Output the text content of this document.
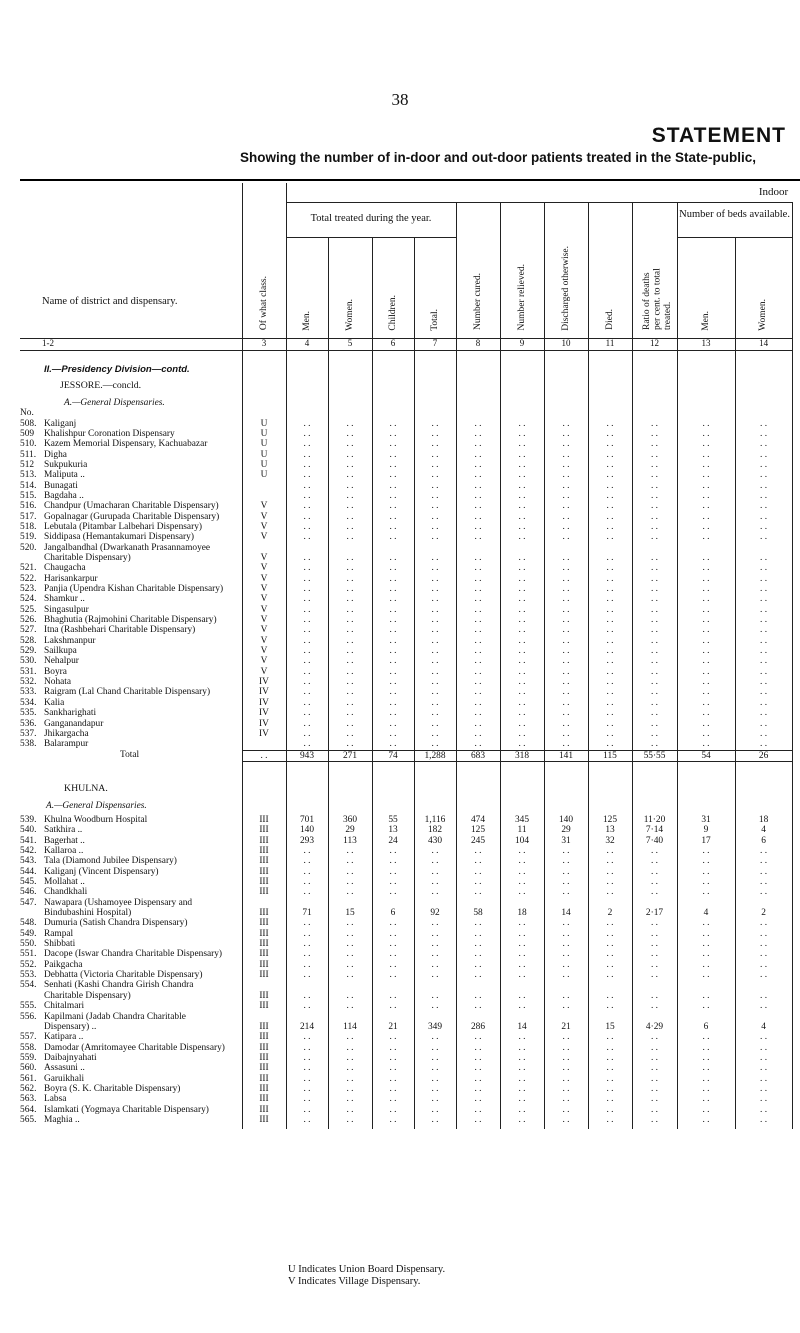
38
STATEMENT
Showing the number of in-door and out-door patients treated in the State-public,
Name of district and dispensary.	Of what class.	Indoor										
		Total treated during the year.				Number cured.	Number relieved.	Discharged otherwise.	Died.	Ratio of deaths per cent. to total treated.	Number of beds available.	
		Men.	Women.	Children.	Total.						Men.	Women.
1-2	3	4	5	6	7	8	9	10	11	12	13	14

II.—Presidency Division—contd.												
JESSORE.—concld.												
A.—General Dispensaries.												
No.												
508. Kaliganj	U	. .	. .	. .	. .	. .	. .	. .	. .	. .	. .	. .
509 Khalishpur Coronation Dispensary	U	. .	. .	. .	. .	. .	. .	. .	. .	. .	. .	. .
510. Kazem Memorial Dispensary, Kachuabazar	U	. .	. .	. .	. .	. .	. .	. .	. .	. .	. .	. .
511. Digha	U	. .	. .	. .	. .	. .	. .	. .	. .	. .	. .	. .
512 Sukpukuria	U	. .	. .	. .	. .	. .	. .	. .	. .	. .	. .	. .
513. Maliputa ..	U	. .	. .	. .	. .	. .	. .	. .	. .	. .	. .	. .
514. Bunagati		. .	. .	. .	. .	. .	. .	. .	. .	. .	. .	. .
515. Bagdaha ..		. .	. .	. .	. .	. .	. .	. .	. .	. .	. .	. .
516. Chandpur (Umacharan Charitable Dispensary)	V	. .	. .	. .	. .	. .	. .	. .	. .	. .	. .	. .
517. Gopalnagar (Gurupada Charitable Dispensary)	V	. .	. .	. .	. .	. .	. .	. .	. .	. .	. .	. .
518. Lebutala (Pitambar Lalbehari Dispensary)	V	. .	. .	. .	. .	. .	. .	. .	. .	. .	. .	. .
519. Siddipasa (Hemantakumari Dispensary)	V	. .	. .	. .	. .	. .	. .	. .	. .	. .	. .	. .
520. Jangalbandhal (Dwarkanath Prasannamoyee Charitable Dispensary)	V	. .	. .	. .	. .	. .	. .	. .	. .	. .	. .	. .
521. Chaugacha	V	. .	. .	. .	. .	. .	. .	. .	. .	. .	. .	. .
522. Harisankarpur	V	. .	. .	. .	. .	. .	. .	. .	. .	. .	. .	. .
523. Panjia (Upendra Kishan Charitable Dispensary)	V	. .	. .	. .	. .	. .	. .	. .	. .	. .	. .	. .
524. Shamkur ..	V	. .	. .	. .	. .	. .	. .	. .	. .	. .	. .	. .
525. Singasulpur	V	. .	. .	. .	. .	. .	. .	. .	. .	. .	. .	. .
526. Bhaghutia (Rajmohini Charitable Dispensary)	V	. .	. .	. .	. .	. .	. .	. .	. .	. .	. .	. .
527. Itna (Rashbehari Charitable Dispensary)	V	. .	. .	. .	. .	. .	. .	. .	. .	. .	. .	. .
528. Lakshmanpur	V	. .	. .	. .	. .	. .	. .	. .	. .	. .	. .	. .
529. Sailkupa	V	. .	. .	. .	. .	. .	. .	. .	. .	. .	. .	. .
530. Nehalpur	V	. .	. .	. .	. .	. .	. .	. .	. .	. .	. .	. .
531. Boyra	V	. .	. .	. .	. .	. .	. .	. .	. .	. .	. .	. .
532. Nohata	IV	. .	. .	. .	. .	. .	. .	. .	. .	. .	. .	. .
533. Raigram (Lal Chand Charitable Dispensary)	IV	. .	. .	. .	. .	. .	. .	. .	. .	. .	. .	. .
534. Kalia	IV	. .	. .	. .	. .	. .	. .	. .	. .	. .	. .	. .
535. Sankharighati	IV	. .	. .	. .	. .	. .	. .	. .	. .	. .	. .	. .
536. Ganganandapur	IV	. .	. .	. .	. .	. .	. .	. .	. .	. .	. .	. .
537. Jhikargacha	IV	. .	. .	. .	. .	. .	. .	. .	. .	. .	. .	. .
538. Balarampur		. .	. .	. .	. .	. .	. .	. .	. .	. .	. .	. .
Total	. .	943	271	74	1,288	683	318	141	115	55·55	54	26

KHULNA.												
A.—General Dispensaries.												
539. Khulna Woodburn Hospital	III	701	360	55	1,116	474	345	140	125	11·20	31	18
540. Satkhira ..	III	140	29	13	182	125	11	29	13	7·14	9	4
541. Bagerhat ..	III	293	113	24	430	245	104	31	32	7·40	17	6
542. Kallaroa ..	III	. .	. .	. .	. .	. .	. .	. .	. .	. .	. .	. .
543. Tala (Diamond Jubilee Dispensary)	III	. .	. .	. .	. .	. .	. .	. .	. .	. .	. .	. .
544. Kaliganj (Vincent Dispensary)	III	. .	. .	. .	. .	. .	. .	. .	. .	. .	. .	. .
545. Mollahat ..	III	. .	. .	. .	. .	. .	. .	. .	. .	. .	. .	. .
546. Chandkhali	III	. .	. .	. .	. .	. .	. .	. .	. .	. .	. .	. .
547. Nawapara (Ushamoyee Dispensary and Bindubashini Hospital)	III	71	15	6	92	58	18	14	2	2·17	4	2
548. Dumuria (Satish Chandra Dispensary)	III	. .	. .	. .	. .	. .	. .	. .	. .	. .	. .	. .
549. Rampal	III	. .	. .	. .	. .	. .	. .	. .	. .	. .	. .	. .
550. Shibbati	III	. .	. .	. .	. .	. .	. .	. .	. .	. .	. .	. .
551. Dacope (Iswar Chandra Charitable Dispensary)	III	. .	. .	. .	. .	. .	. .	. .	. .	. .	. .	. .
552. Paikgacha	III	. .	. .	. .	. .	. .	. .	. .	. .	. .	. .	. .
553. Debhatta (Victoria Charitable Dispensary)	III	. .	. .	. .	. .	. .	. .	. .	. .	. .	. .	. .
554. Senhati (Kashi Chandra Girish Chandra Charitable Dispensary)	III	. .	. .	. .	. .	. .	. .	. .	. .	. .	. .	. .
555. Chitalmari	III	. .	. .	. .	. .	. .	. .	. .	. .	. .	. .	. .
556. Kapilmani (Jadab Chandra Charitable Dispensary) ..	III	214	114	21	349	286	14	21	15	4·29	6	4
557. Katipara ..	III	. .	. .	. .	. .	. .	. .	. .	. .	. .	. .	. .
558. Damodar (Amritomayee Charitable Dispensary)	III	. .	. .	. .	. .	. .	. .	. .	. .	. .	. .	. .
559. Daibajnyahati	III	. .	. .	. .	. .	. .	. .	. .	. .	. .	. .	. .
560. Assasuni ..	III	. .	. .	. .	. .	. .	. .	. .	. .	. .	. .	. .
561. Garuikhali	III	. .	. .	. .	. .	. .	. .	. .	. .	. .	. .	. .
562. Boyra (S. K. Charitable Dispensary)	III	. .	. .	. .	. .	. .	. .	. .	. .	. .	. .	. .
563. Labsa	III	. .	. .	. .	. .	. .	. .	. .	. .	. .	. .	. .
564. Islamkati (Yogmaya Charitable Dispensary)	III	. .	. .	. .	. .	. .	. .	. .	. .	. .	. .	. .
565. Maghia ..	III	. .	. .	. .	. .	. .	. .	. .	. .	. .	. .	. .

U Indicates Union Board Dispensary.
V Indicates Village Dispensary.
